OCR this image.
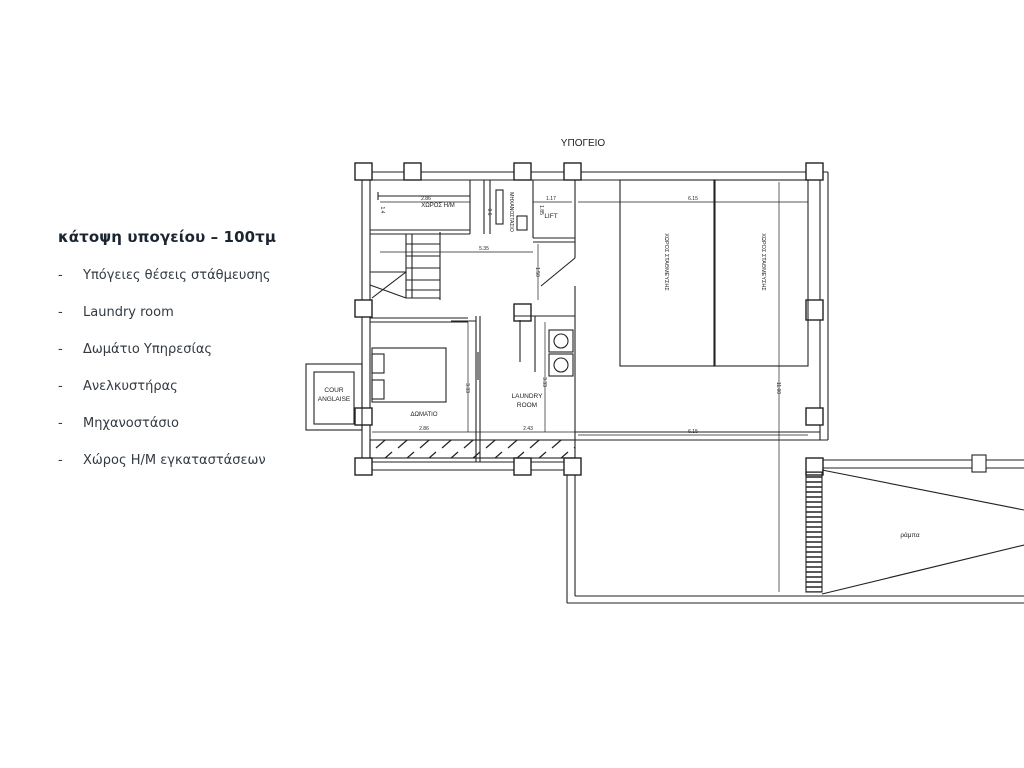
κάτοψη υπογείου – 100τμ
- Υπόγειες θέσεις στάθμευσης
- Laundry room
- Δωμάτιο Υπηρεσίας
- Ανελκυστήρας
- Μηχανοστάσιο
- Χώρος Η/Μ εγκαταστάσεων
ΥΠΟΓΕΙΟ
ΧΩΡΟΣ Η/Μ	ΜΗΧΑΝΟΣΤΑΣΙΟ	LIFT
ΧΩΡΟΣ ΣΤΑΘΜΕΥΣΗΣ	ΧΩΡΟΣ ΣΤΑΘΜΕΥΣΗΣ
COUR
ANGLAISE
ΔΩΜΑΤΙΟ
LAUNDRY
ROOM
ράμπα
2.86	1.17	6.15
1.4	1.85
0.6
5.35
1.50
3.33
3.33	11.00
2.86	2.43	6.15
